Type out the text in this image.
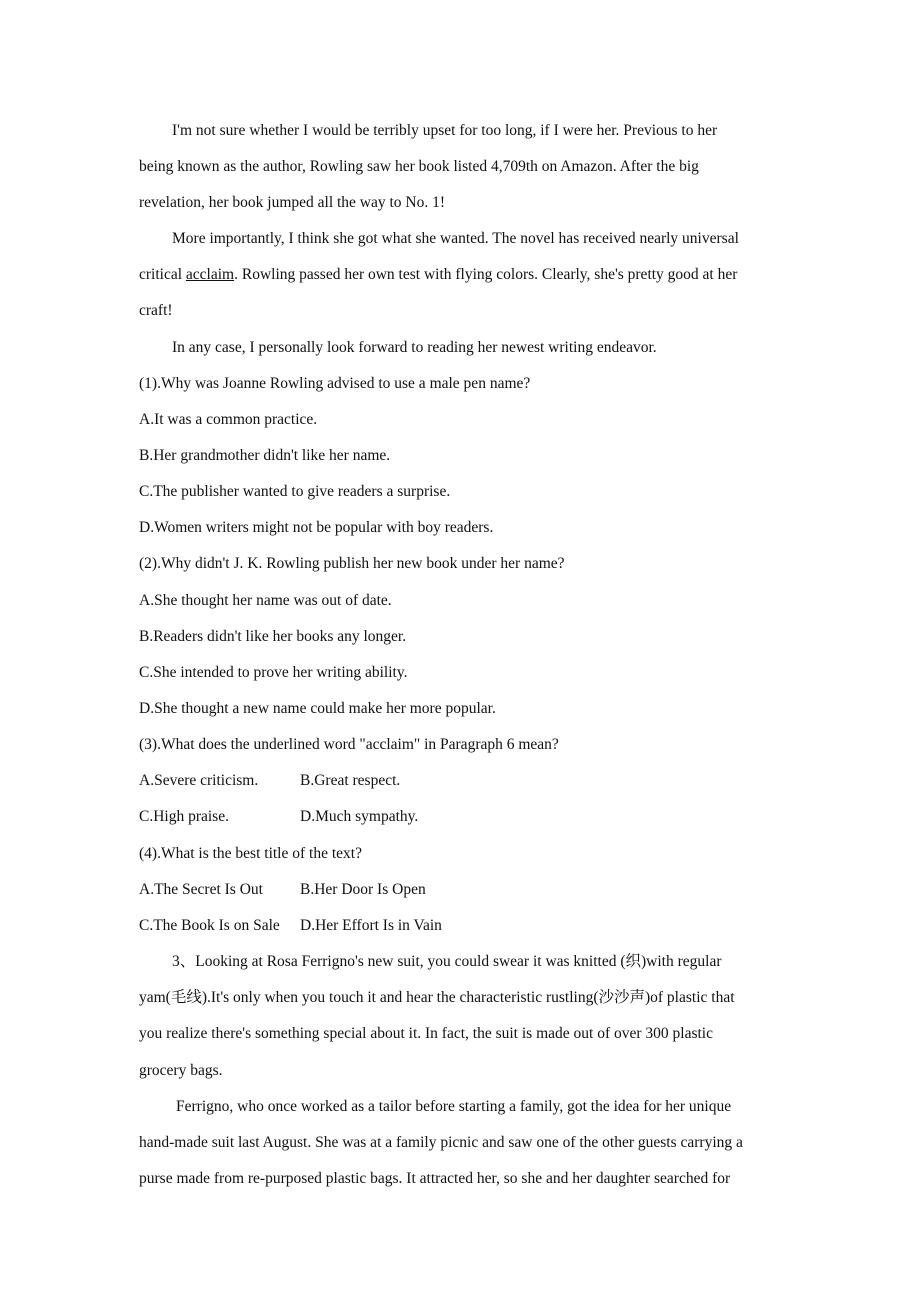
I'm not sure whether I would be terribly upset for too long, if I were her. Previous to her
being known as the author, Rowling saw her book listed 4,709th on Amazon. After the big
revelation, her book jumped all the way to No. 1!
More importantly, I think she got what she wanted. The novel has received nearly universal
critical acclaim. Rowling passed her own test with flying colors. Clearly, she's pretty good at her
craft!
In any case, I personally look forward to reading her newest writing endeavor.
(1).Why was Joanne Rowling advised to use a male pen name?
A.It was a common practice.
B.Her grandmother didn't like her name.
C.The publisher wanted to give readers a surprise.
D.Women writers might not be popular with boy readers.
(2).Why didn't J. K. Rowling publish her new book under her name?
A.She thought her name was out of date.
B.Readers didn't like her books any longer.
C.She intended to prove her writing ability.
D.She thought a new name could make her more popular.
(3).What does the underlined word "acclaim" in Paragraph 6 mean?
A.Severe criticism.	B.Great respect.
C.High praise.	D.Much sympathy.
(4).What is the best title of the text?
A.The Secret Is Out B.Her Door Is Open
C.The Book Is on Sale D.Her Effort Is in Vain
3、Looking at Rosa Ferrigno's new suit, you could swear it was knitted (织)with regular
yam(毛线).It's only when you touch it and hear the characteristic rustling(沙沙声)of plastic that
you realize there's something special about it. In fact, the suit is made out of over 300 plastic
grocery bags.
Ferrigno, who once worked as a tailor before starting a family, got the idea for her unique
hand-made suit last August. She was at a family picnic and saw one of the other guests carrying a
purse made from re-purposed plastic bags. It attracted her, so she and her daughter searched for
